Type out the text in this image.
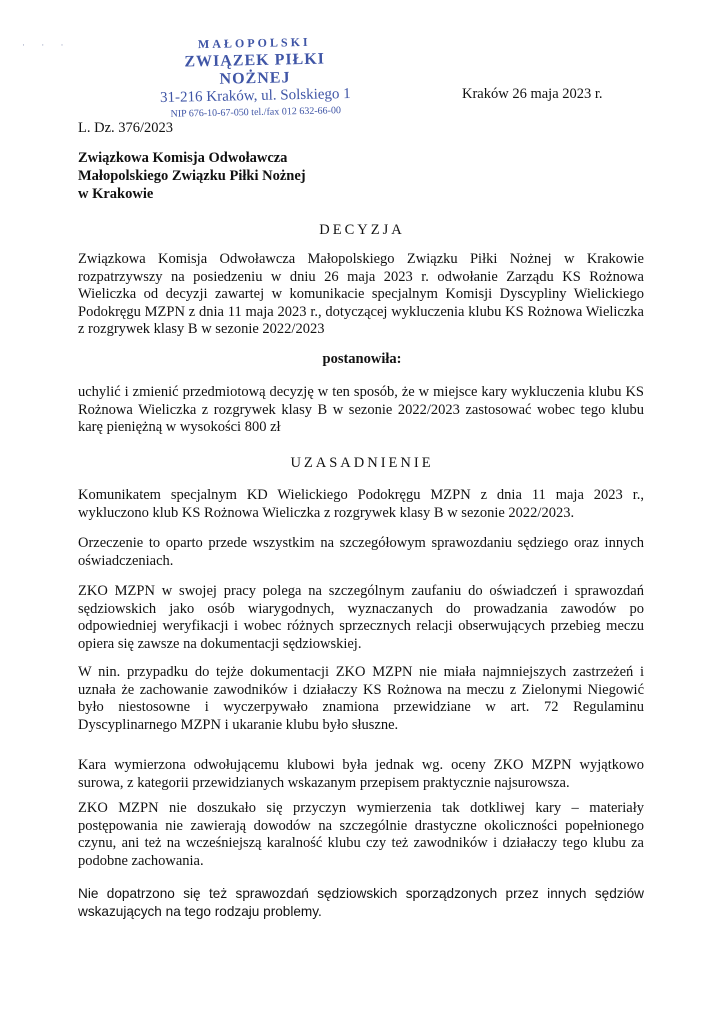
· · ·	MAŁOPOLSKI
ZWIĄZEK PIŁKI NOŻNEJ
31-216 Kraków, ul. Solskiego 1
NIP 676-10-67-050 tel./fax 012 632-66-00
Kraków 26 maja 2023 r.
L. Dz. 376/2023
Związkowa Komisja Odwoławcza
Małopolskiego Związku Piłki Nożnej
w Krakowie
DECYZJA
Związkowa Komisja Odwoławcza Małopolskiego Związku Piłki Nożnej w Krakowie rozpatrzywszy na posiedzeniu w dniu 26 maja 2023 r. odwołanie Zarządu KS Rożnowa Wieliczka od decyzji zawartej w komunikacie specjalnym Komisji Dyscypliny Wielickiego Podokręgu MZPN z dnia 11 maja 2023 r., dotyczącej wykluczenia klubu KS Rożnowa Wieliczka z rozgrywek klasy B w sezonie 2022/2023
postanowiła:
uchylić i zmienić przedmiotową decyzję w ten sposób, że w miejsce kary wykluczenia klubu KS Rożnowa Wieliczka z rozgrywek klasy B w sezonie 2022/2023 zastosować wobec tego klubu karę pieniężną w wysokości 800 zł
UZASADNIENIE
Komunikatem specjalnym KD Wielickiego Podokręgu MZPN z dnia 11 maja 2023 r., wykluczono klub KS Rożnowa Wieliczka z rozgrywek klasy B w sezonie 2022/2023.
Orzeczenie to oparto przede wszystkim na szczegółowym sprawozdaniu sędziego oraz innych oświadczeniach.
ZKO MZPN w swojej pracy polega na szczególnym zaufaniu do oświadczeń i sprawozdań sędziowskich jako osób wiarygodnych, wyznaczanych do prowadzania zawodów po odpowiedniej weryfikacji i wobec różnych sprzecznych relacji obserwujących przebieg meczu opiera się zawsze na dokumentacji sędziowskiej.
W nin. przypadku do tejże dokumentacji ZKO MZPN nie miała najmniejszych zastrzeżeń i uznała że zachowanie zawodników i działaczy KS Rożnowa na meczu z Zielonymi Niegowić było niestosowne i wyczerpywało znamiona przewidziane w art. 72 Regulaminu Dyscyplinarnego MZPN i ukaranie klubu było słuszne.
Kara wymierzona odwołującemu klubowi była jednak wg. oceny ZKO MZPN wyjątkowo surowa, z kategorii przewidzianych wskazanym przepisem praktycznie najsurowsza.
ZKO MZPN nie doszukało się przyczyn wymierzenia tak dotkliwej kary – materiały postępowania nie zawierają dowodów na szczególnie drastyczne okoliczności popełnionego czynu, ani też na wcześniejszą karalność klubu czy też zawodników i działaczy tego klubu za podobne zachowania.
Nie dopatrzono się też sprawozdań sędziowskich sporządzonych przez innych sędziów wskazujących na tego rodzaju problemy.
